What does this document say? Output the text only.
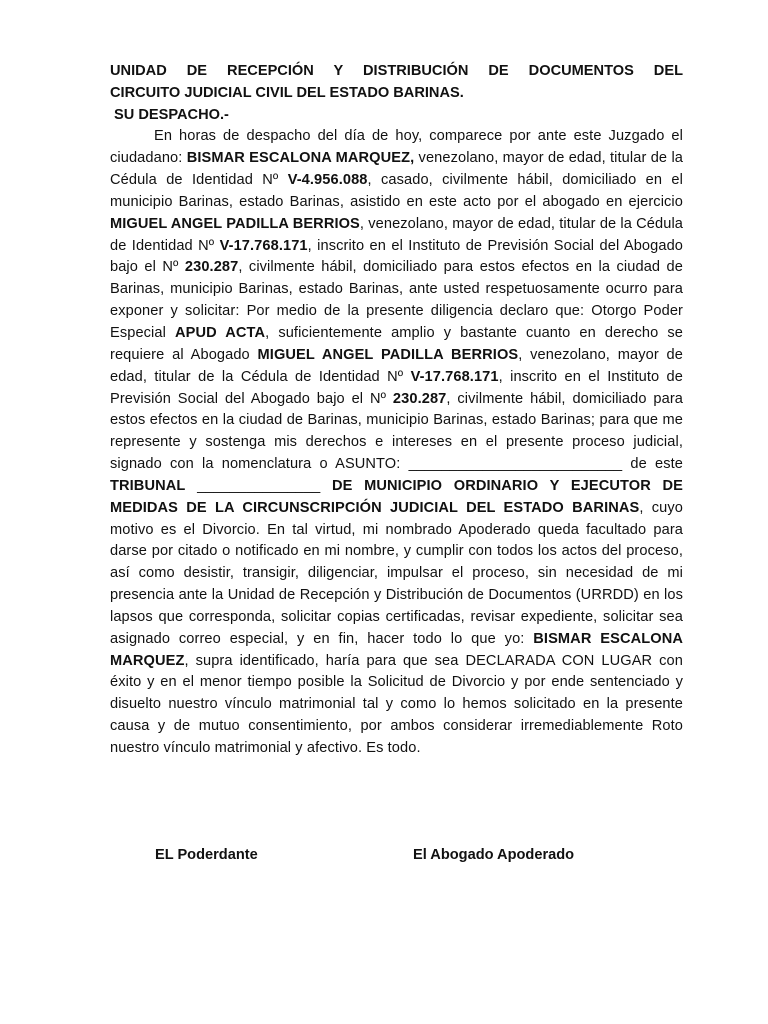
UNIDAD DE RECEPCIÓN Y DISTRIBUCIÓN DE DOCUMENTOS DEL
CIRCUITO JUDICIAL CIVIL DEL ESTADO BARINAS.

SU DESPACHO.-

En horas de despacho del día de hoy, comparece por ante este Juzgado el ciudadano: BISMAR ESCALONA MARQUEZ, venezolano, mayor de edad, titular de la Cédula de Identidad Nº V-4.956.088, casado, civilmente hábil, domiciliado en el municipio Barinas, estado Barinas, asistido en este acto por el abogado en ejercicio MIGUEL ANGEL PADILLA BERRIOS, venezolano, mayor de edad, titular de la Cédula de Identidad Nº V-17.768.171, inscrito en el Instituto de Previsión Social del Abogado bajo el Nº 230.287, civilmente hábil, domiciliado para estos efectos en la ciudad de Barinas, municipio Barinas, estado Barinas, ante usted respetuosamente ocurro para exponer y solicitar: Por medio de la presente diligencia declaro que: Otorgo Poder Especial APUD ACTA, suficientemente amplio y bastante cuanto en derecho se requiere al Abogado MIGUEL ANGEL PADILLA BERRIOS, venezolano, mayor de edad, titular de la Cédula de Identidad Nº V-17.768.171, inscrito en el Instituto de Previsión Social del Abogado bajo el Nº 230.287, civilmente hábil, domiciliado para estos efectos en la ciudad de Barinas, municipio Barinas, estado Barinas; para que me represente y sostenga mis derechos e intereses en el presente proceso judicial, signado con la nomenclatura o ASUNTO: __________________________ de este TRIBUNAL _______________ DE MUNICIPIO ORDINARIO Y EJECUTOR DE MEDIDAS DE LA CIRCUNSCRIPCIÓN JUDICIAL DEL ESTADO BARINAS, cuyo motivo es el Divorcio. En tal virtud, mi nombrado Apoderado queda facultado para darse por citado o notificado en mi nombre, y cumplir con todos los actos del proceso, así como desistir, transigir, diligenciar, impulsar el proceso, sin necesidad de mi presencia ante la Unidad de Recepción y Distribución de Documentos (URRDD) en los lapsos que corresponda, solicitar copias certificadas, revisar expediente, solicitar sea asignado correo especial, y en fin, hacer todo lo que yo: BISMAR ESCALONA MARQUEZ, supra identificado, haría para que sea DECLARADA CON LUGAR con éxito y en el menor tiempo posible la Solicitud de Divorcio y por ende sentenciado y disuelto nuestro vínculo matrimonial tal y como lo hemos solicitado en la presente causa y de mutuo consentimiento, por ambos considerar irremediablemente Roto nuestro vínculo matrimonial y afectivo. Es todo.

EL Poderdante	El Abogado Apoderado
